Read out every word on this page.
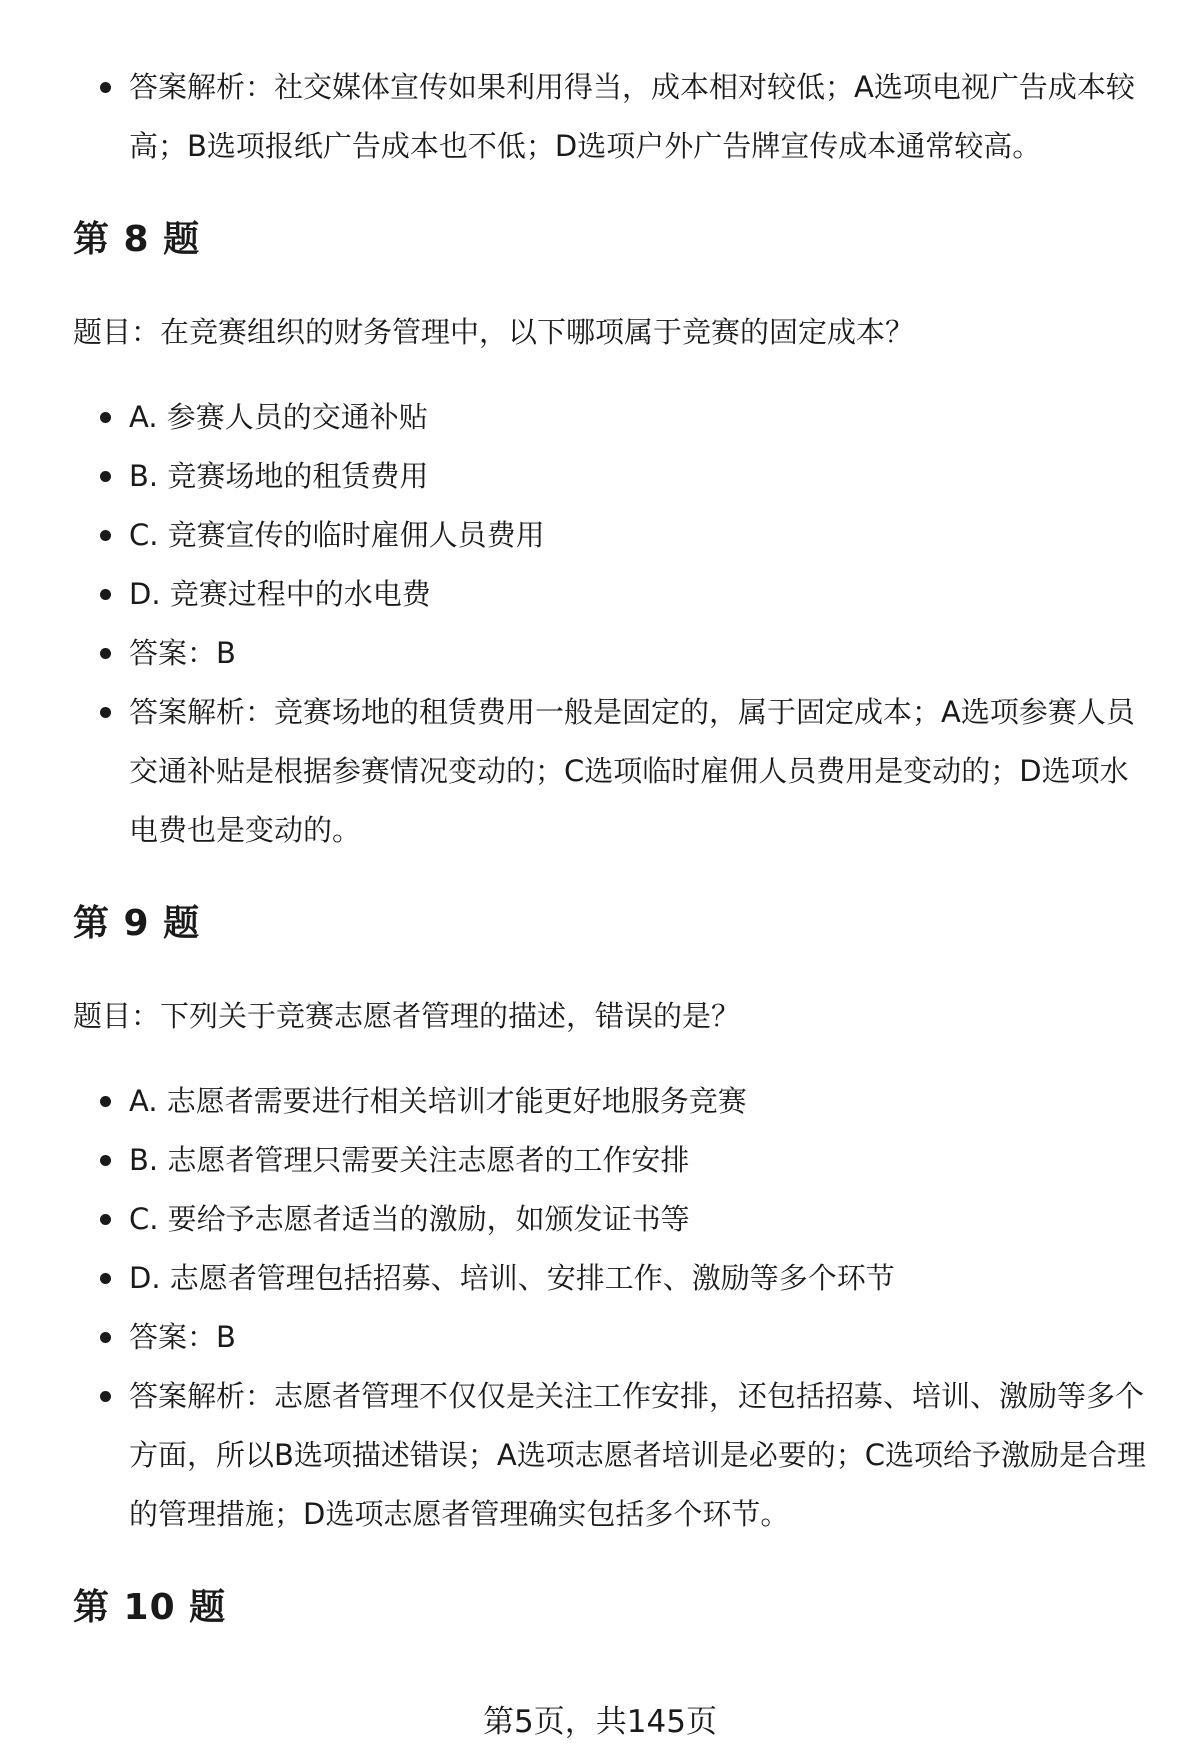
答案解析：社交媒体宣传如果利用得当，成本相对较低；A选项电视广告成本较高；B选项报纸广告成本也不低；D选项户外广告牌宣传成本通常较高。
第 8 题

题目：在竞赛组织的财务管理中，以下哪项属于竞赛的固定成本？

A. 参赛人员的交通补贴
B. 竞赛场地的租赁费用
C. 竞赛宣传的临时雇佣人员费用
D. 竞赛过程中的水电费
答案：B
答案解析：竞赛场地的租赁费用一般是固定的，属于固定成本；A选项参赛人员交通补贴是根据参赛情况变动的；C选项临时雇佣人员费用是变动的；D选项水电费也是变动的。
第 9 题

题目：下列关于竞赛志愿者管理的描述，错误的是？

A. 志愿者需要进行相关培训才能更好地服务竞赛
B. 志愿者管理只需要关注志愿者的工作安排
C. 要给予志愿者适当的激励，如颁发证书等
D. 志愿者管理包括招募、培训、安排工作、激励等多个环节
答案：B
答案解析：志愿者管理不仅仅是关注工作安排，还包括招募、培训、激励等多个方面，所以B选项描述错误；A选项志愿者培训是必要的；C选项给予激励是合理的管理措施；D选项志愿者管理确实包括多个环节。
第 10 题
第5页，共145页
